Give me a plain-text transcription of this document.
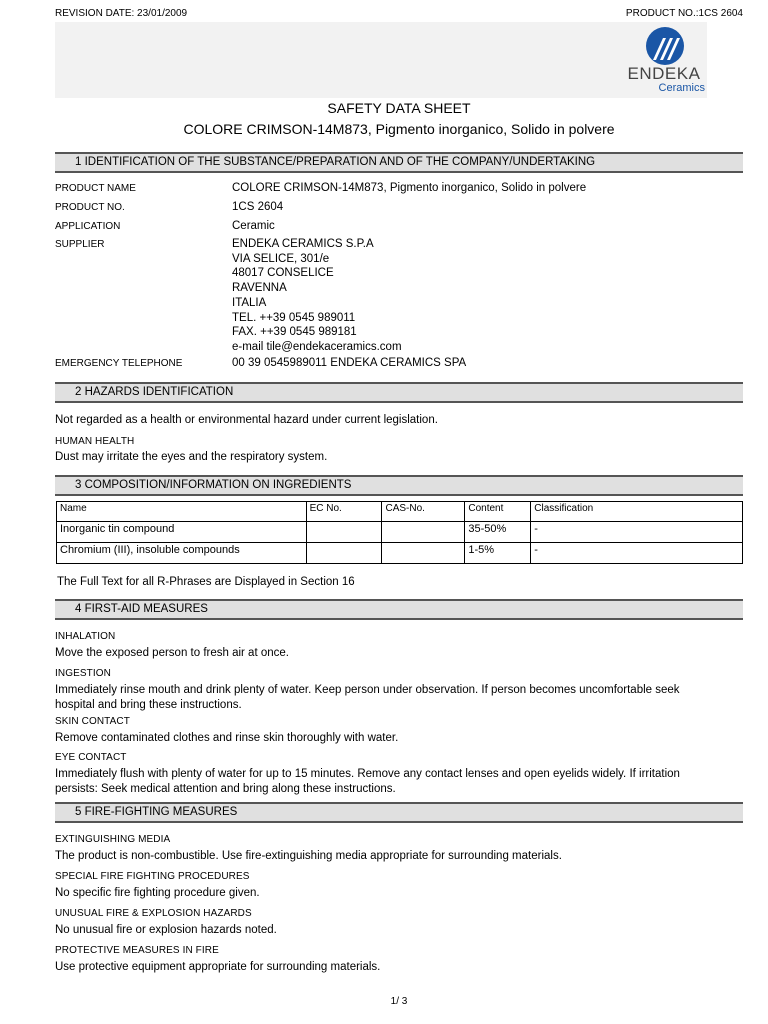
REVISION DATE: 23/01/2009	PRODUCT NO.:1CS 2604
ENDEKA
Ceramics
SAFETY DATA SHEET
COLORE CRIMSON-14M873, Pigmento inorganico, Solido in polvere
1 IDENTIFICATION OF THE SUBSTANCE/PREPARATION AND OF THE COMPANY/UNDERTAKING
PRODUCT NAME	COLORE CRIMSON-14M873, Pigmento inorganico, Solido in polvere
PRODUCT NO.	1CS 2604
APPLICATION	Ceramic
SUPPLIER	ENDEKA CERAMICS S.P.A
VIA SELICE, 301/e
48017 CONSELICE
RAVENNA
ITALIA
TEL. ++39 0545 989011
FAX. ++39 0545 989181
e-mail tile@endekaceramics.com
EMERGENCY TELEPHONE	00 39 0545989011 ENDEKA CERAMICS SPA
2 HAZARDS IDENTIFICATION
Not regarded as a health or environmental hazard under current legislation.
HUMAN HEALTH
Dust may irritate the eyes and the respiratory system.
3 COMPOSITION/INFORMATION ON INGREDIENTS
Name	EC No.	CAS-No.	Content	Classification
Inorganic tin compound			35-50%	-
Chromium (III), insoluble compounds			1-5%	-
The Full Text for all R-Phrases are Displayed in Section 16
4 FIRST-AID MEASURES
INHALATION
Move the exposed person to fresh air at once.
INGESTION
Immediately rinse mouth and drink plenty of water. Keep person under observation. If person becomes uncomfortable seek
hospital and bring these instructions.
SKIN CONTACT
Remove contaminated clothes and rinse skin thoroughly with water.
EYE CONTACT
Immediately flush with plenty of water for up to 15 minutes. Remove any contact lenses and open eyelids widely. If irritation
persists: Seek medical attention and bring along these instructions.
5 FIRE-FIGHTING MEASURES
EXTINGUISHING MEDIA
The product is non-combustible. Use fire-extinguishing media appropriate for surrounding materials.
SPECIAL FIRE FIGHTING PROCEDURES
No specific fire fighting procedure given.
UNUSUAL FIRE & EXPLOSION HAZARDS
No unusual fire or explosion hazards noted.
PROTECTIVE MEASURES IN FIRE
Use protective equipment appropriate for surrounding materials.
1/ 3
